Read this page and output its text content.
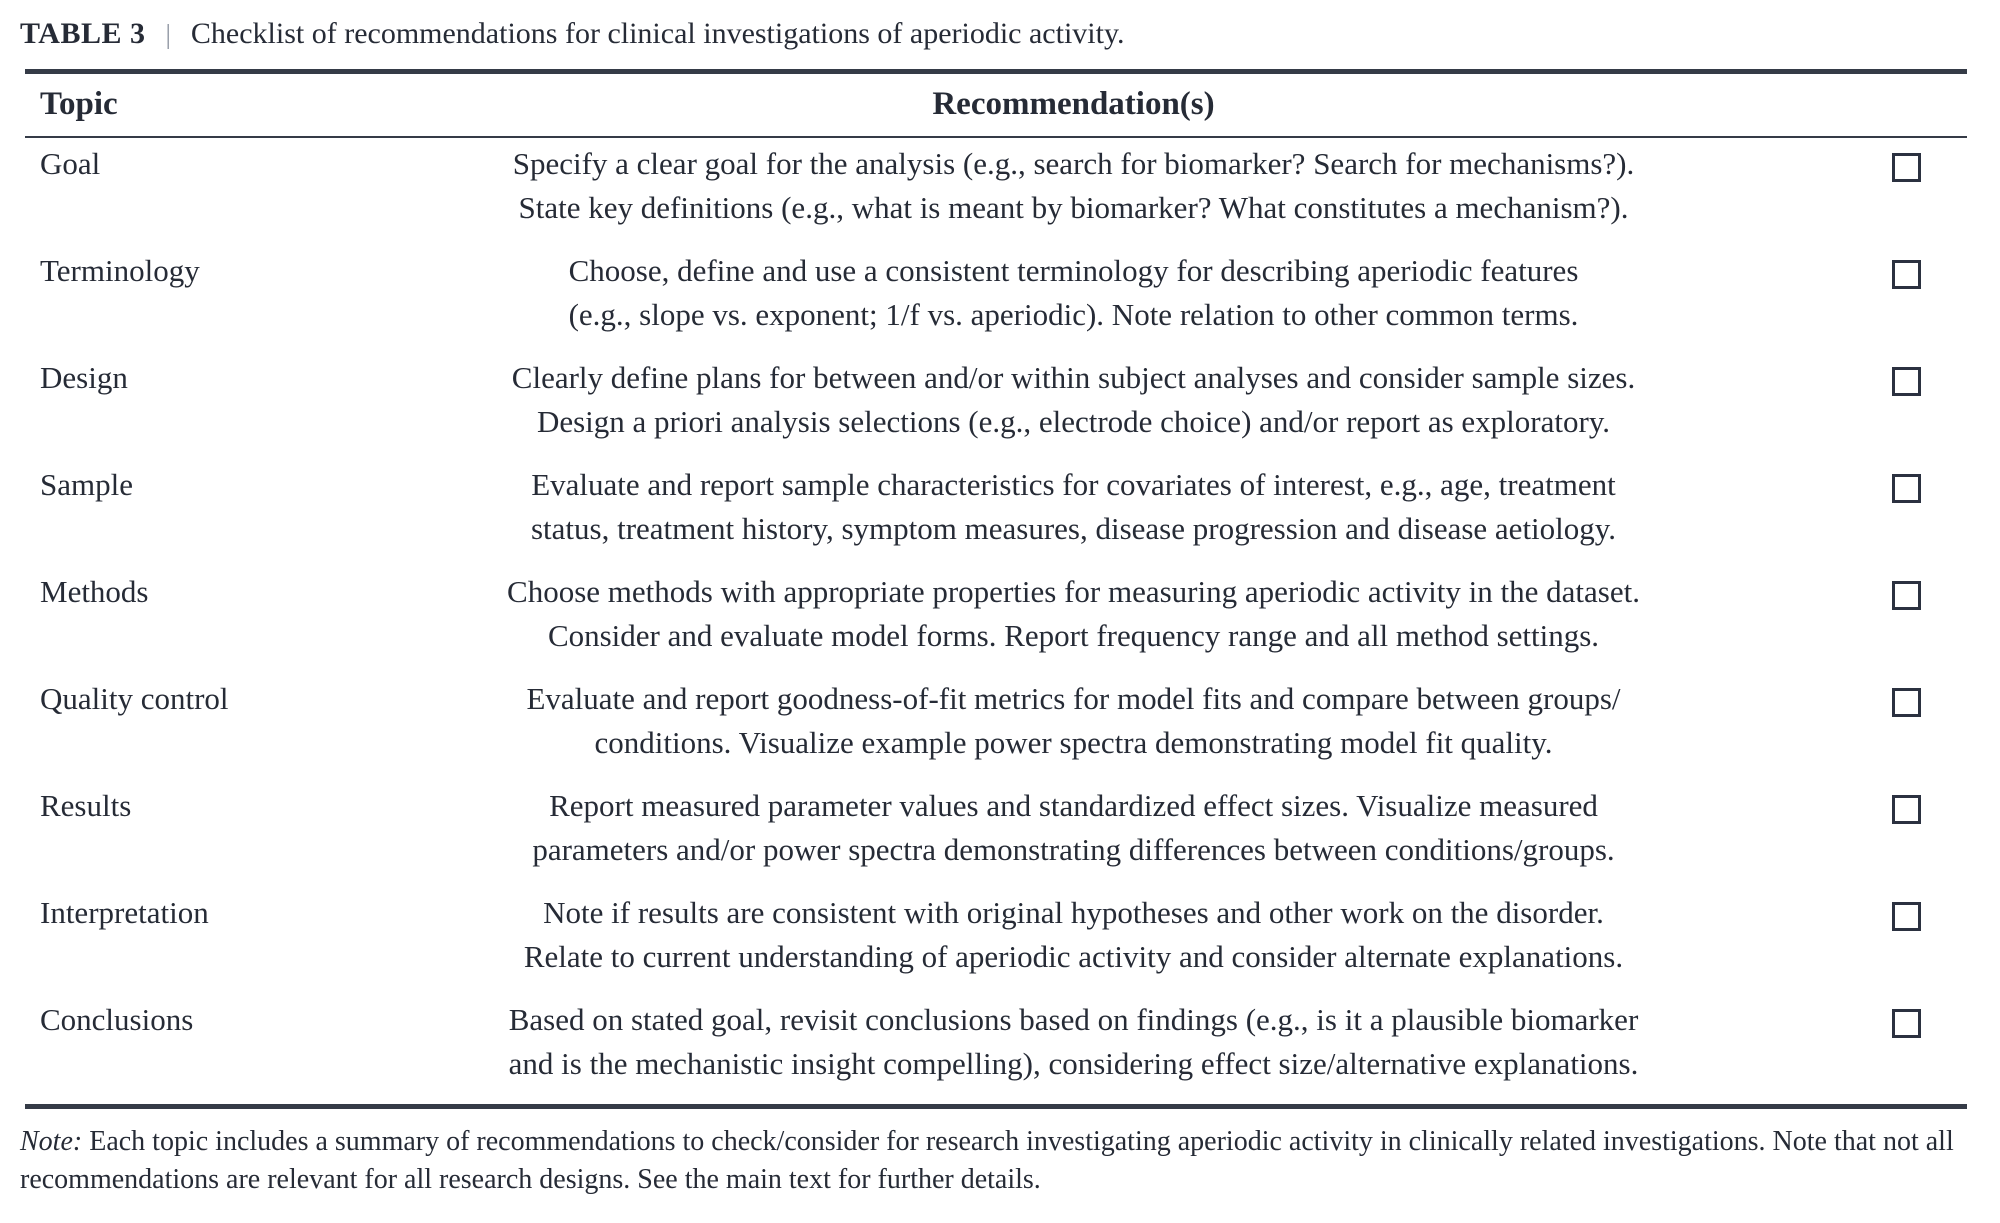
TABLE 3 | Checklist of recommendations for clinical investigations of aperiodic activity.
Topic	Recommendation(s)
Goal	Specify a clear goal for the analysis (e.g., search for biomarker? Search for mechanisms?).
State key definitions (e.g., what is meant by biomarker? What constitutes a mechanism?).
Terminology	Choose, define and use a consistent terminology for describing aperiodic features
(e.g., slope vs. exponent; 1/f vs. aperiodic). Note relation to other common terms.
Design	Clearly define plans for between and/or within subject analyses and consider sample sizes.
Design a priori analysis selections (e.g., electrode choice) and/or report as exploratory.
Sample	Evaluate and report sample characteristics for covariates of interest, e.g., age, treatment
status, treatment history, symptom measures, disease progression and disease aetiology.
Methods	Choose methods with appropriate properties for measuring aperiodic activity in the dataset.
Consider and evaluate model forms. Report frequency range and all method settings.
Quality control	Evaluate and report goodness-of-fit metrics for model fits and compare between groups/
conditions. Visualize example power spectra demonstrating model fit quality.
Results	Report measured parameter values and standardized effect sizes. Visualize measured
parameters and/or power spectra demonstrating differences between conditions/groups.
Interpretation	Note if results are consistent with original hypotheses and other work on the disorder.
Relate to current understanding of aperiodic activity and consider alternate explanations.
Conclusions	Based on stated goal, revisit conclusions based on findings (e.g., is it a plausible biomarker
and is the mechanistic insight compelling), considering effect size/alternative explanations.
Note: Each topic includes a summary of recommendations to check/consider for research investigating aperiodic activity in clinically related investigations. Note that not all recommendations are relevant for all research designs. See the main text for further details.
